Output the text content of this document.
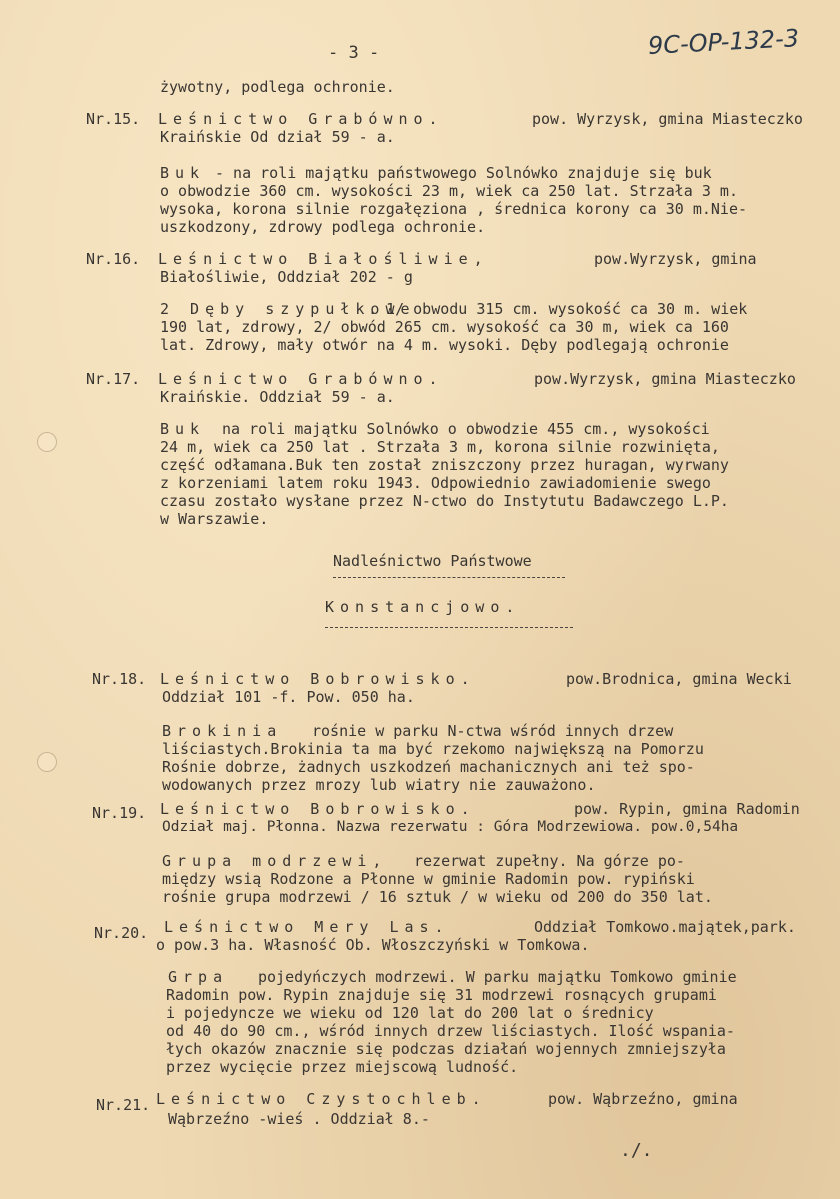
- 3 -	9C-OP-132-3
żywotny, podlega ochronie.
Nr.15. Leśnictwo Grabówno.	pow. Wyrzysk, gmina Miasteczko
Kraińskie Od dział 59 - a.
Buk - na roli majątku państwowego Solnówko znajduje się buk
o obwodzie 360 cm. wysokości 23 m, wiek ca 250 lat. Strzała 3 m.
wysoka, korona silnie rozgałęziona , średnica korony ca 30 m.Nie-
uszkodzony, zdrowy podlega ochronie.
Nr.16. Leśnictwo Białośliwie,	pow.Wyrzysk, gmina
Białośliwie, Oddział 202 - g
2 Dęby szypułkowe
. 1/ obwodu 315 cm. wysokość ca 30 m. wiek
190 lat, zdrowy, 2/ obwód 265 cm. wysokość ca 30 m, wiek ca 160
lat. Zdrowy, mały otwór na 4 m. wysoki. Dęby podlegają ochronie
Nr.17. Leśnictwo Grabówno.	pow.Wyrzysk, gmina Miasteczko
Kraińskie. Oddział 59 - a.
Buk na roli majątku Solnówko o obwodzie 455 cm., wysokości
24 m, wiek ca 250 lat . Strzała 3 m, korona silnie rozwinięta,
część odłamana.Buk ten został zniszczony przez huragan, wyrwany
z korzeniami latem roku 1943. Odpowiednio zawiadomienie swego
czasu zostało wysłane przez N-ctwo do Instytutu Badawczego L.P.
w Warszawie.
Nadleśnictwo Państwowe
Konstancjowo.
Nr.18. Leśnictwo Bobrowisko.	pow.Brodnica, gmina Wecki
Oddział 101 -f. Pow. 050 ha.
Brokinia rośnie w parku N-ctwa wśród innych drzew
liściastych.Brokinia ta ma być rzekomo największą na Pomorzu
Rośnie dobrze, żadnych uszkodzeń machanicznych ani też spo-
wodowanych przez mrozy lub wiatry nie zauważono.
Nr.19. Leśnictwo Bobrowisko.	pow. Rypin, gmina Radomin
Odział maj. Płonna. Nazwa rezerwatu : Góra Modrzewiowa. pow.0,54ha
Grupa modrzewi, rezerwat zupełny. Na górze po-
między wsią Rodzone a Płonne w gminie Radomin pow. rypiński
rośnie grupa modrzewi / 16 sztuk / w wieku od 200 do 350 lat.
Nr.20. Leśnictwo Mery Las.	Oddział Tomkowo.majątek,park.
o pow.3 ha. Własność Ob. Włoszczyński w Tomkowa.
Grpa pojedyńczych modrzewi. W parku majątku Tomkowo gminie
Radomin pow. Rypin znajduje się 31 modrzewi rosnących grupami
i pojedyncze we wieku od 120 lat do 200 lat o średnicy
od 40 do 90 cm., wśród innych drzew liściastych. Ilość wspania-
łych okazów znacznie się podczas działań wojennych zmniejszyła
przez wycięcie przez miejscową ludność.
Nr.21. Leśnictwo Czystochleb.	pow. Wąbrzeźno, gmina
Wąbrzeźno -wieś . Oddział 8.-
./.
